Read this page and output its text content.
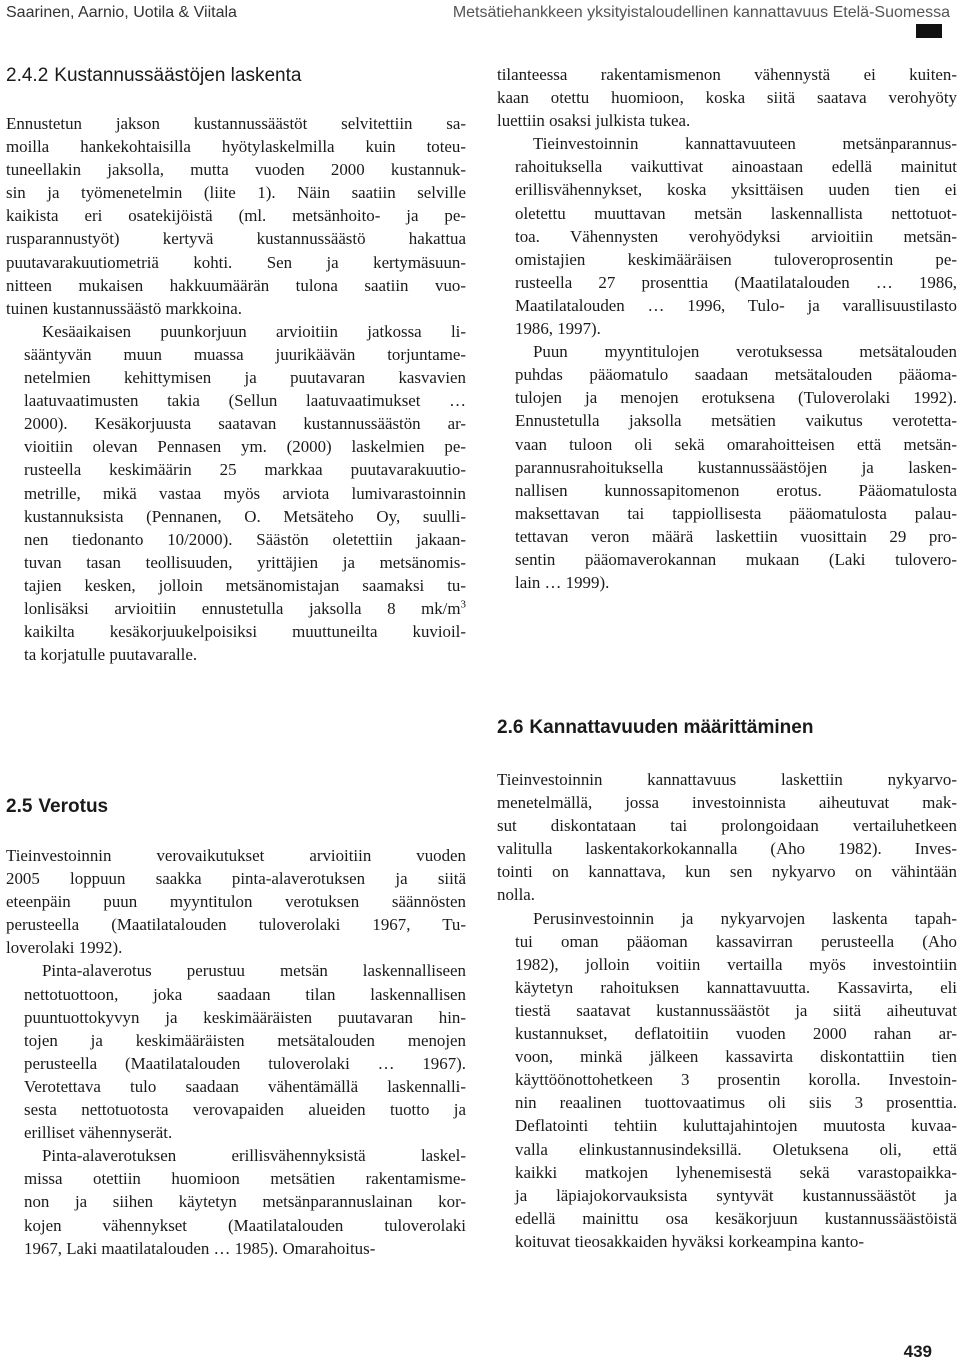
Saarinen, Aarnio, Uotila & Viitala	Metsätiehankkeen yksityistaloudellinen kannattavuus Etelä-Suomessa
2.4.2 Kustannussäästöjen laskenta

Ennustetun jakson kustannussäästöt selvitettiin sa-
moilla hankekohtaisilla hyötylaskelmilla kuin toteu-
tuneellakin jaksolla, mutta vuoden 2000 kustannuk-
sin ja työmenetelmin (liite 1). Näin saatiin selville
kaikista eri osatekijöistä (ml. metsänhoito- ja pe-
rusparannustyöt) kertyvä kustannussäästö hakattua
puutavarakuutiometriä kohti. Sen ja kertymäsuun-
nitteen mukaisen hakkuumäärän tulona saatiin vuo-
tuinen kustannussäästö markkoina.

Kesäaikaisen puunkorjuun arvioitiin jatkossa li-
sääntyvän muun muassa juurikäävän torjuntame-
netelmien kehittymisen ja puutavaran kasvavien
laatuvaatimusten takia (Sellun laatuvaatimukset …
2000). Kesäkorjuusta saatavan kustannussäästön ar-
vioitiin olevan Pennasen ym. (2000) laskelmien pe-
rusteella keskimäärin 25 markkaa puutavarakuutio-
metrille, mikä vastaa myös arviota lumivarastoinnin
kustannuksista (Pennanen, O. Metsäteho Oy, suulli-
nen tiedonanto 10/2000). Säästön oletettiin jakaan-
tuvan tasan teollisuuden, yrittäjien ja metsänomis-
tajien kesken, jolloin metsänomistajan saamaksi tu-
lonlisäksi arvioitiin ennustetulla jaksolla 8 $mk/m^3$
kaikilta kesäkorjuukelpoisiksi muuttuneilta kuvioil-
ta korjatulle puutavaralle.

2.5 Verotus

Tieinvestoinnin verovaikutukset arvioitiin vuoden
2005 loppuun saakka pinta-alaverotuksen ja siitä
eteenpäin puun myyntitulon verotuksen säännösten
perusteella (Maatilatalouden tuloverolaki 1967, Tu-
loverolaki 1992).

Pinta-alaverotus perustuu metsän laskennalliseen
nettotuottoon, joka saadaan tilan laskennallisen
puuntuottokyvyn ja keskimääräisten puutavaran hin-
tojen ja keskimääräisten metsätalouden menojen
perusteella (Maatilatalouden tuloverolaki … 1967).
Verotettava tulo saadaan vähentämällä laskennalli-
sesta nettotuotosta verovapaiden alueiden tuotto ja
erilliset vähennyserät.

Pinta-alaverotuksen erillisvähennyksistä laskel-
missa otettiin huomioon metsätien rakentamisme-
non ja siihen käytetyn metsänparannuslainan kor-
kojen vähennykset (Maatilatalouden tuloverolaki
1967, Laki maatilatalouden … 1985). Omarahoitus-

tilanteessa rakentamismenon vähennystä ei kuiten-
kaan otettu huomioon, koska siitä saatava verohyöty
luettiin osaksi julkista tukea.

Tieinvestoinnin kannattavuuteen metsänparannus-
rahoituksella vaikuttivat ainoastaan edellä mainitut
erillisvähennykset, koska yksittäisen uuden tien ei
oletettu muuttavan metsän laskennallista nettotuot-
toa. Vähennysten verohyödyksi arvioitiin metsän-
omistajien keskimääräisen tuloveroprosentin pe-
rusteella 27 prosenttia (Maatilatalouden … 1986,
Maatilatalouden … 1996, Tulo- ja varallisuustilasto
1986, 1997).

Puun myyntitulojen verotuksessa metsätalouden
puhdas pääomatulo saadaan metsätalouden pääoma-
tulojen ja menojen erotuksena (Tuloverolaki 1992).
Ennustetulla jaksolla metsätien vaikutus verotetta-
vaan tuloon oli sekä omarahoitteisen että metsän-
parannusrahoituksella kustannussäästöjen ja lasken-
nallisen kunnossapitomenon erotus. Pääomatulosta
maksettavan tai tappiollisesta pääomatulosta palau-
tettavan veron määrä laskettiin vuosittain 29 pro-
sentin pääomaverokannan mukaan (Laki tulovero-
lain … 1999).

2.6 Kannattavuuden määrittäminen

Tieinvestoinnin kannattavuus laskettiin nykyarvo-
menetelmällä, jossa investoinnista aiheutuvat mak-
sut diskontataan tai prolongoidaan vertailuhetkeen
valitulla laskentakorkokannalla (Aho 1982). Inves-
tointi on kannattava, kun sen nykyarvo on vähintään
nolla.

Perusinvestoinnin ja nykyarvojen laskenta tapah-
tui oman pääoman kassavirran perusteella (Aho
1982), jolloin voitiin vertailla myös investointiin
käytetyn rahoituksen kannattavuutta. Kassavirta, eli
tiestä saatavat kustannussäästöt ja siitä aiheutuvat
kustannukset, deflatoitiin vuoden 2000 rahan ar-
voon, minkä jälkeen kassavirta diskontattiin tien
käyttöönottohetkeen 3 prosentin korolla. Investoin-
nin reaalinen tuottovaatimus oli siis 3 prosenttia.
Deflatointi tehtiin kuluttajahintojen muutosta kuvaa-
valla elinkustannusindeksillä. Oletuksena oli, että
kaikki matkojen lyhenemisestä sekä varastopaikka-
ja läpiajokorvauksista syntyvät kustannussäästöt ja
edellä mainittu osa kesäkorjuun kustannussäästöistä
koituvat tieosakkaiden hyväksi korkeampina kanto-

439
